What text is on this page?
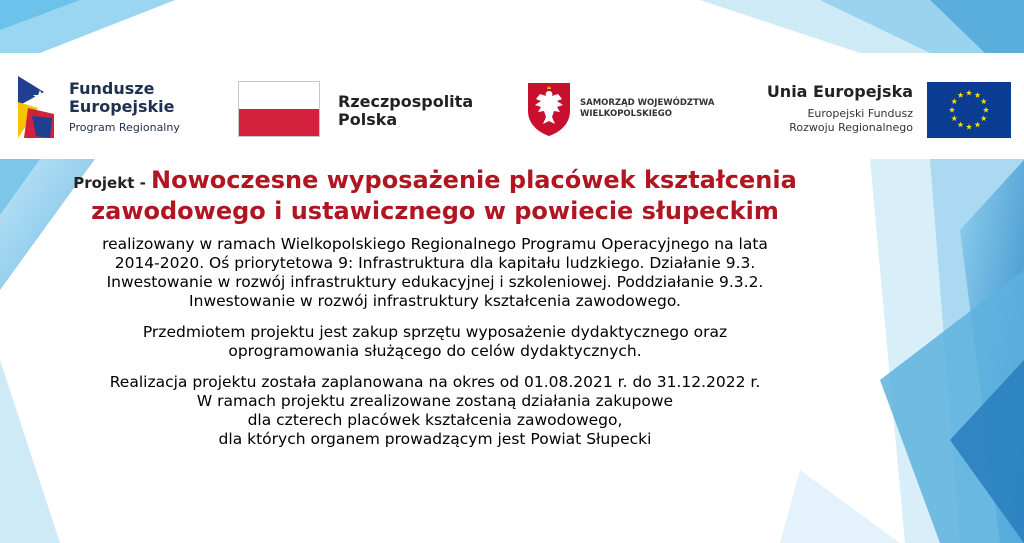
Fundusze
Europejskie
Program Regionalny
Rzeczpospolita
Polska
SAMORZĄD WOJEWÓDZTWA
WIELKOPOLSKIEGO
Unia Europejska
Europejski Fundusz
Rozwoju Regionalnego
Projekt - Nowoczesne wyposażenie placówek kształcenia
zawodowego i ustawicznego w powiecie słupeckim

realizowany w ramach Wielkopolskiego Regionalnego Programu Operacyjnego na lata
2014-2020. Oś priorytetowa 9: Infrastruktura dla kapitału ludzkiego. Działanie 9.3.
Inwestowanie w rozwój infrastruktury edukacyjnej i szkoleniowej. Poddziałanie 9.3.2.
Inwestowanie w rozwój infrastruktury kształcenia zawodowego.

Przedmiotem projektu jest zakup sprzętu wyposażenie dydaktycznego oraz
oprogramowania służącego do celów dydaktycznych.

Realizacja projektu została zaplanowana na okres od 01.08.2021 r. do 31.12.2022 r.
W ramach projektu zrealizowane zostaną działania zakupowe
dla czterech placówek kształcenia zawodowego,
dla których organem prowadzącym jest Powiat Słupecki
